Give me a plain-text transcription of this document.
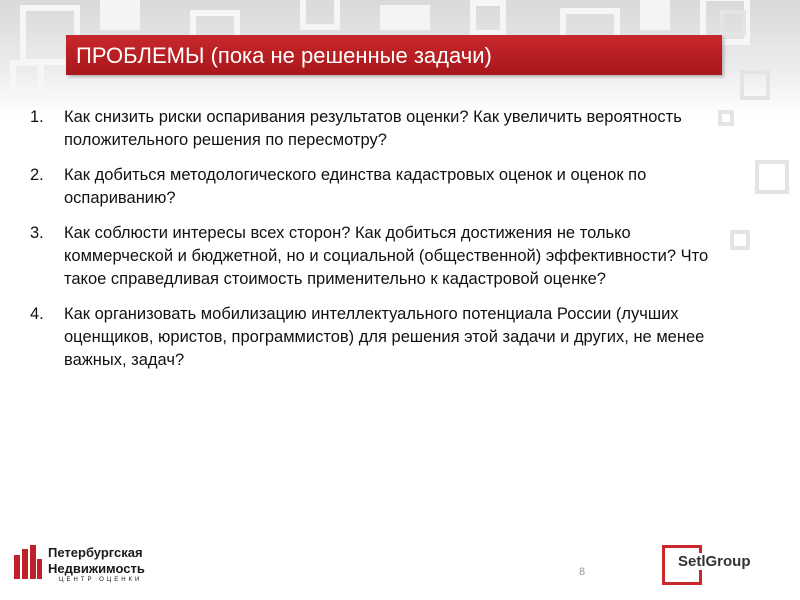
ПРОБЛЕМЫ (пока не решенные задачи)
1. Как снизить риски оспаривания результатов оценки? Как увеличить вероятность положительного решения по пересмотру?
2. Как добиться методологического единства кадастровых оценок и оценок по оспариванию?
3. Как соблюсти интересы всех сторон? Как добиться достижения не только коммерческой и бюджетной, но и социальной (общественной) эффективности? Что такое справедливая стоимость применительно к кадастровой оценке?
4. Как организовать мобилизацию интеллектуального потенциала России (лучших оценщиков, юристов, программистов) для решения этой задачи и других, не менее важных, задач?
Петербургская
Недвижимость
ЦЕНТР ОЦЕНКИ
8
SetlGroup
